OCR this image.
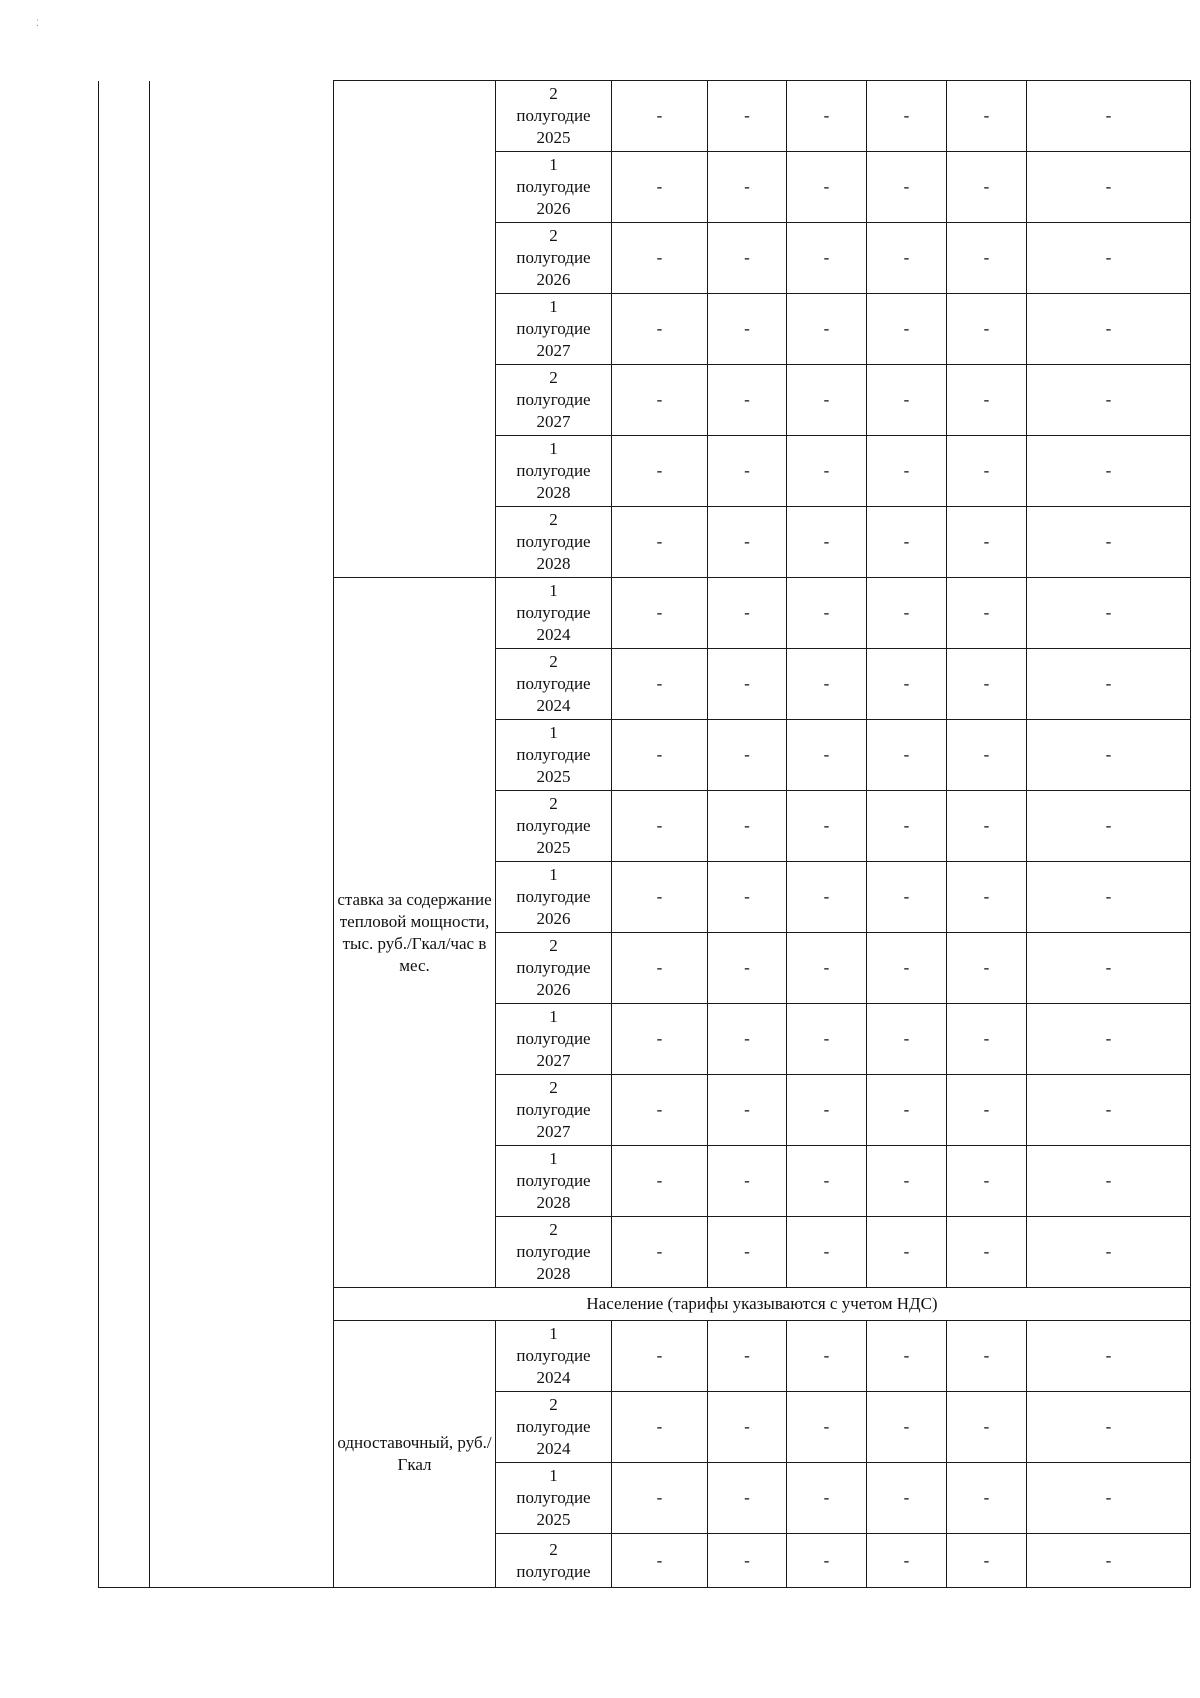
⁚

			2
полугодие
2025	-	-	-	-	-	-

			1
полугодие
2026	-	-	-	-	-	-

			2
полугодие
2026	-	-	-	-	-	-

			1
полугодие
2027	-	-	-	-	-	-

			2
полугодие
2027	-	-	-	-	-	-

			1
полугодие
2028	-	-	-	-	-	-

			2
полугодие
2028	-	-	-	-	-	-
		ставка за содержание тепловой мощности, тыс. руб./Гкал/час в мес.	1
полугодие
2024	-	-	-	-	-	-

			2
полугодие
2024	-	-	-	-	-	-

			1
полугодие
2025	-	-	-	-	-	-

			2
полугодие
2025	-	-	-	-	-	-

			1
полугодие
2026	-	-	-	-	-	-

			2
полугодие
2026	-	-	-	-	-	-

			1
полугодие
2027	-	-	-	-	-	-

			2
полугодие
2027	-	-	-	-	-	-

			1
полугодие
2028	-	-	-	-	-	-

			2
полугодие
2028	-	-	-	-	-	-
		Население (тарифы указываются с учетом НДС)							
		одноставочный, руб./Гкал	1
полугодие
2024	-	-	-	-	-	-

			2
полугодие
2024	-	-	-	-	-	-

			1
полугодие
2025	-	-	-	-	-	-

			2
полугодие	-	-	-	-	-	-
